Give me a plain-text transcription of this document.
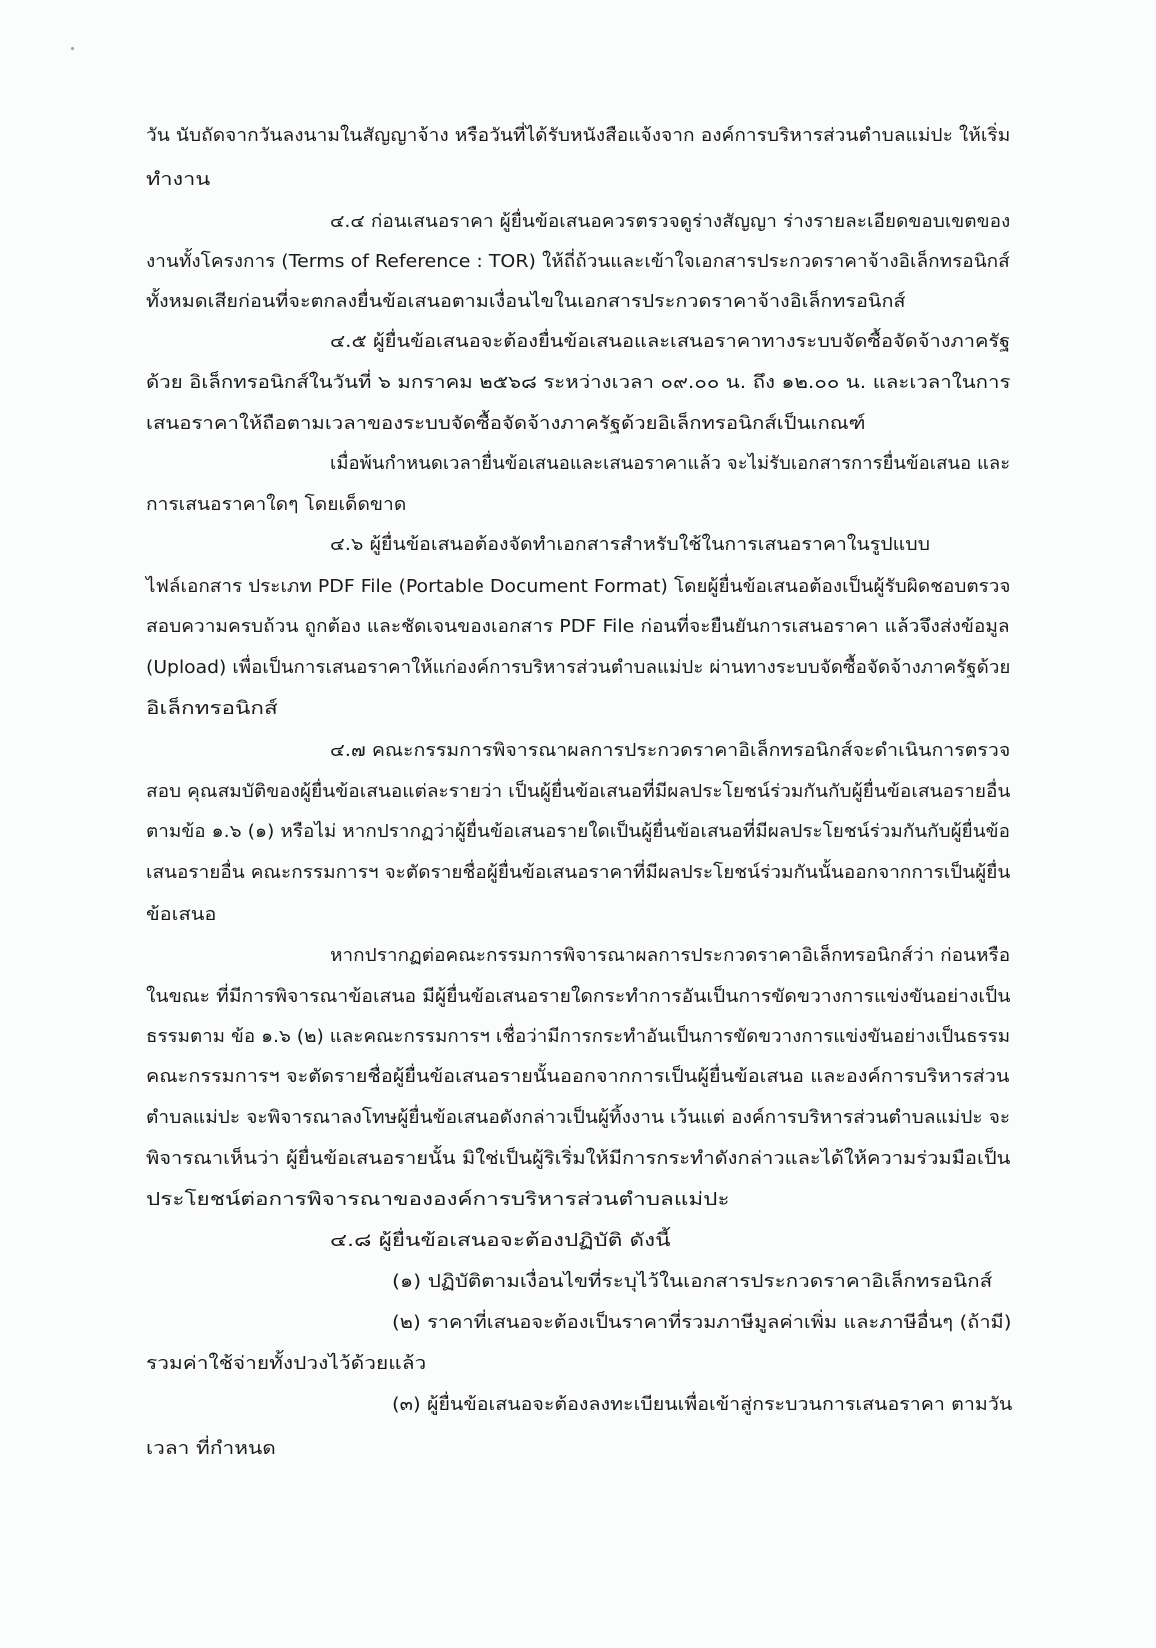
วัน นับถัดจากวันลงนามในสัญญาจ้าง หรือวันที่ได้รับหนังสือแจ้งจาก องค์การบริหารส่วนตำบลแม่ปะ ให้เริ่ม
ทำงาน
๔.๔ ก่อนเสนอราคา ผู้ยื่นข้อเสนอควรตรวจดูร่างสัญญา ร่างรายละเอียดขอบเขตของ
งานทั้งโครงการ (Terms of Reference : TOR) ให้ถี่ถ้วนและเข้าใจเอกสารประกวดราคาจ้างอิเล็กทรอนิกส์
ทั้งหมดเสียก่อนที่จะตกลงยื่นข้อเสนอตามเงื่อนไขในเอกสารประกวดราคาจ้างอิเล็กทรอนิกส์
๔.๕ ผู้ยื่นข้อเสนอจะต้องยื่นข้อเสนอและเสนอราคาทางระบบจัดซื้อจัดจ้างภาครัฐ
ด้วย อิเล็กทรอนิกส์ในวันที่ ๖ มกราคม ๒๕๖๘ ระหว่างเวลา ๐๙.๐๐ น. ถึง ๑๒.๐๐ น. และเวลาในการ
เสนอราคาให้ถือตามเวลาของระบบจัดซื้อจัดจ้างภาครัฐด้วยอิเล็กทรอนิกส์เป็นเกณฑ์
เมื่อพ้นกำหนดเวลายื่นข้อเสนอและเสนอราคาแล้ว จะไม่รับเอกสารการยื่นข้อเสนอ และ
การเสนอราคาใดๆ โดยเด็ดขาด
๔.๖ ผู้ยื่นข้อเสนอต้องจัดทำเอกสารสำหรับใช้ในการเสนอราคาในรูปแบบ
ไฟล์เอกสาร ประเภท PDF File (Portable Document Format) โดยผู้ยื่นข้อเสนอต้องเป็นผู้รับผิดชอบตรวจ
สอบความครบถ้วน ถูกต้อง และชัดเจนของเอกสาร PDF File ก่อนที่จะยืนยันการเสนอราคา แล้วจึงส่งข้อมูล
(Upload) เพื่อเป็นการเสนอราคาให้แก่องค์การบริหารส่วนตำบลแม่ปะ ผ่านทางระบบจัดซื้อจัดจ้างภาครัฐด้วย
อิเล็กทรอนิกส์
๔.๗ คณะกรรมการพิจารณาผลการประกวดราคาอิเล็กทรอนิกส์จะดำเนินการตรวจ
สอบ คุณสมบัติของผู้ยื่นข้อเสนอแต่ละรายว่า เป็นผู้ยื่นข้อเสนอที่มีผลประโยชน์ร่วมกันกับผู้ยื่นข้อเสนอรายอื่น
ตามข้อ ๑.๖ (๑) หรือไม่ หากปรากฏว่าผู้ยื่นข้อเสนอรายใดเป็นผู้ยื่นข้อเสนอที่มีผลประโยชน์ร่วมกันกับผู้ยื่นข้อ
เสนอรายอื่น คณะกรรมการฯ จะตัดรายชื่อผู้ยื่นข้อเสนอราคาที่มีผลประโยชน์ร่วมกันนั้นออกจากการเป็นผู้ยื่น
ข้อเสนอ
หากปรากฏต่อคณะกรรมการพิจารณาผลการประกวดราคาอิเล็กทรอนิกส์ว่า ก่อนหรือ
ในขณะ ที่มีการพิจารณาข้อเสนอ มีผู้ยื่นข้อเสนอรายใดกระทำการอันเป็นการขัดขวางการแข่งขันอย่างเป็น
ธรรมตาม ข้อ ๑.๖ (๒) และคณะกรรมการฯ เชื่อว่ามีการกระทำอันเป็นการขัดขวางการแข่งขันอย่างเป็นธรรม
คณะกรรมการฯ จะตัดรายชื่อผู้ยื่นข้อเสนอรายนั้นออกจากการเป็นผู้ยื่นข้อเสนอ และองค์การบริหารส่วน
ตำบลแม่ปะ จะพิจารณาลงโทษผู้ยื่นข้อเสนอดังกล่าวเป็นผู้ทิ้งงาน เว้นแต่ องค์การบริหารส่วนตำบลแม่ปะ จะ
พิจารณาเห็นว่า ผู้ยื่นข้อเสนอรายนั้น มิใช่เป็นผู้ริเริ่มให้มีการกระทำดังกล่าวและได้ให้ความร่วมมือเป็น
ประโยชน์ต่อการพิจารณาขององค์การบริหารส่วนตำบลแม่ปะ
๔.๘ ผู้ยื่นข้อเสนอจะต้องปฏิบัติ ดังนี้
(๑) ปฏิบัติตามเงื่อนไขที่ระบุไว้ในเอกสารประกวดราคาอิเล็กทรอนิกส์
(๒) ราคาที่เสนอจะต้องเป็นราคาที่รวมภาษีมูลค่าเพิ่ม และภาษีอื่นๆ (ถ้ามี)
รวมค่าใช้จ่ายทั้งปวงไว้ด้วยแล้ว
(๓) ผู้ยื่นข้อเสนอจะต้องลงทะเบียนเพื่อเข้าสู่กระบวนการเสนอราคา ตามวัน
เวลา ที่กำหนด
